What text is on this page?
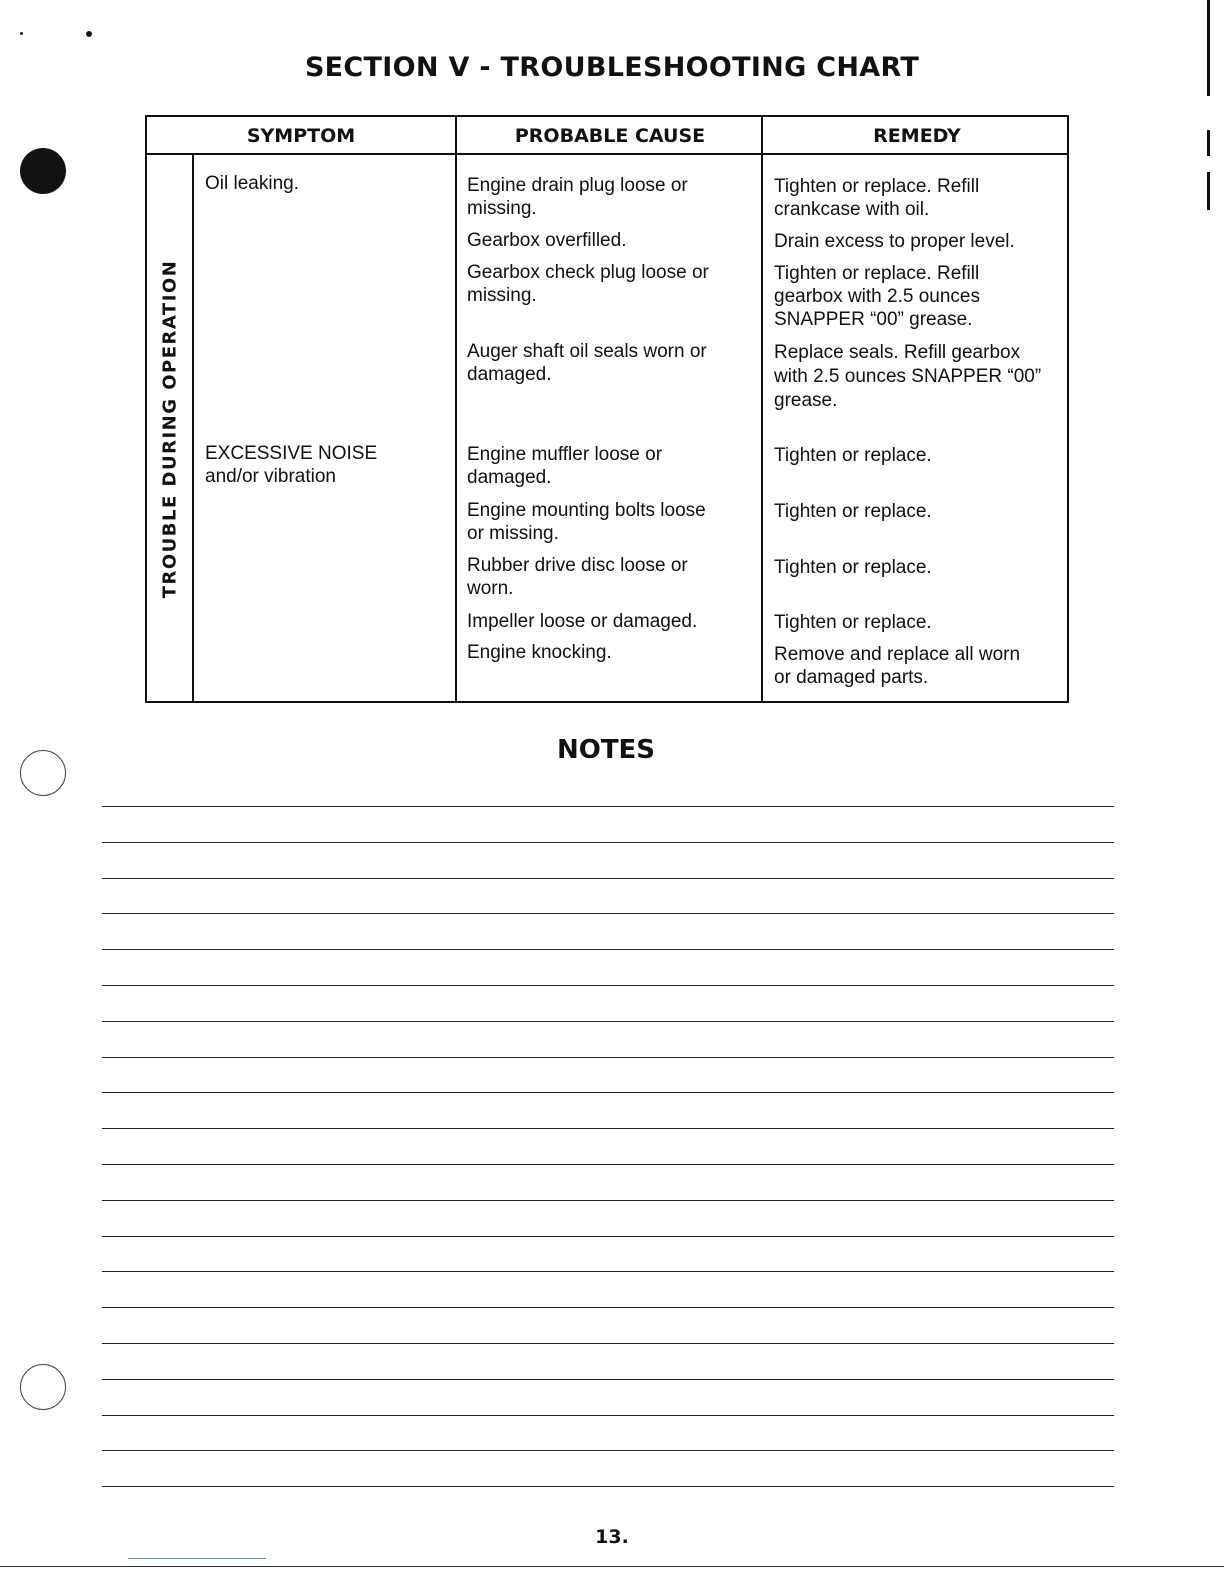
SECTION V - TROUBLESHOOTING CHART
SYMPTOM	PROBABLE CAUSE	REMEDY
TROUBLE DURING OPERATION
Oil leaking.
EXCESSIVE NOISE
and/or vibration
Engine drain plug loose or
missing.
Gearbox overfilled.
Gearbox check plug loose or
missing.
Auger shaft oil seals worn or
damaged.
Engine muffler loose or
damaged.
Engine mounting bolts loose
or missing.
Rubber drive disc loose or
worn.
Impeller loose or damaged.
Engine knocking.
Tighten or replace. Refill
crankcase with oil.
Drain excess to proper level.
Tighten or replace. Refill
gearbox with 2.5 ounces
SNAPPER “00” grease.
Replace seals. Refill gearbox
with 2.5 ounces SNAPPER “00”
grease.
Tighten or replace.
Tighten or replace.
Tighten or replace.
Tighten or replace.
Remove and replace all worn
or damaged parts.
NOTES
13.
